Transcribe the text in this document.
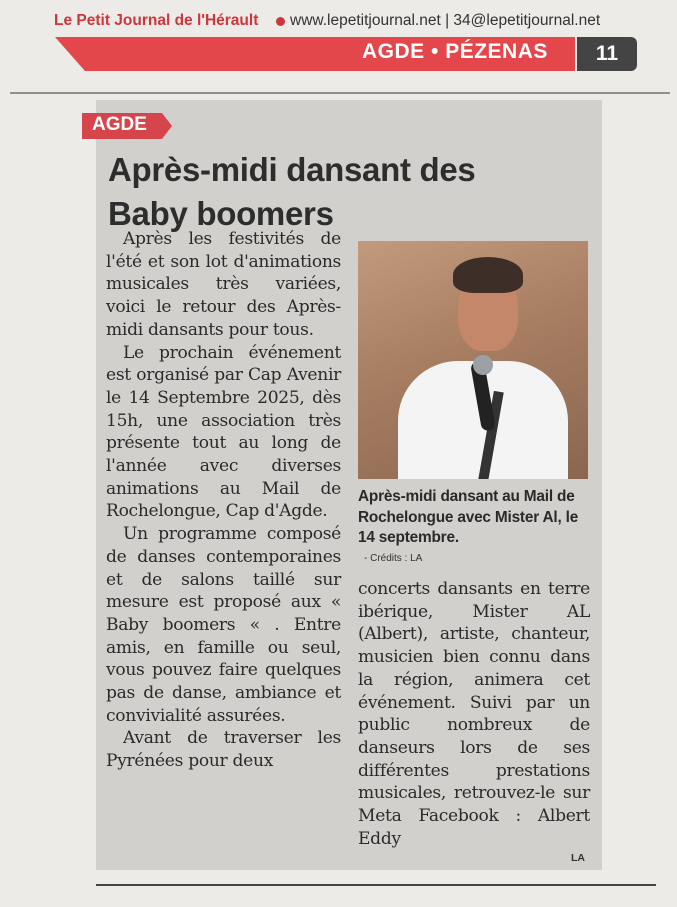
Le Petit Journal de l'Hérault www.lepetitjournal.net | 34@lepetitjournal.net
AGDE • PÉZENAS	11
AGDE
Après-midi dansant des Baby boomers

Après les festivités de l'été et son lot d'animations musicales très variées, voici le retour des Après-midi dansants pour tous.

Le prochain événement est organisé par Cap Avenir le 14 Septembre 2025, dès 15h, une association très présente tout au long de l'année avec diverses animations au Mail de Rochelongue, Cap d'Agde.

Un programme composé de danses contemporaines et de salons taillé sur mesure est proposé aux « Baby boomers « . Entre amis, en famille ou seul, vous pouvez faire quelques pas de danse, ambiance et convivialité assurées.

Avant de traverser les Pyrénées pour deux

Après-midi dansant au Mail de Rochelongue avec Mister Al, le 14 septembre.

- Crédits : LA

concerts dansants en terre ibérique, Mister AL (Albert), artiste, chanteur, musicien bien connu dans la région, animera cet événement. Suivi par un public nombreux de danseurs lors de ses différentes prestations musicales, retrouvez-le sur Meta Facebook : Albert Eddy

LA
